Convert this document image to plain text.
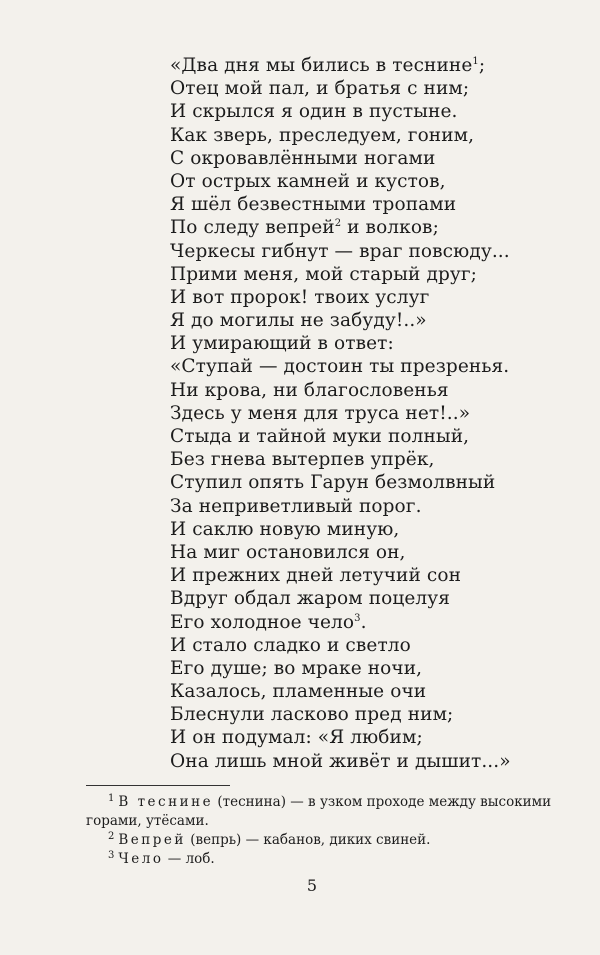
«Два дня мы бились в теснине$^1$;
Отец мой пал, и братья с ним;
И скрылся я один в пустыне.
Как зверь, преследуем, гоним,
С окровавлёнными ногами
От острых камней и кустов,
Я шёл безвестными тропами
По следу вепрей$^2$ и волков;
Черкесы гибнут — враг повсюду...
Прими меня, мой старый друг;
И вот пророк! твоих услуг
Я до могилы не забуду!..»
И умирающий в ответ:
«Ступай — достоин ты презренья.
Ни крова, ни благословенья
Здесь у меня для труса нет!..»
Стыда и тайной муки полный,
Без гнева вытерпев упрёк,
Ступил опять Гарун безмолвный
За неприветливый порог.
И саклю новую миную,
На миг остановился он,
И прежних дней летучий сон
Вдруг обдал жаром поцелуя
Его холодное чело$^3$.
И стало сладко и светло
Его душе; во мраке ночи,
Казалось, пламенные очи
Блеснули ласково пред ним;
И он подумал: «Я любим;
Она лишь мной живёт и дышит...»
$^1$ В теснине (теснина) — в узком проходе между высокими
горами, утёсами.
$^2$ Вепрей (вепрь) — кабанов, диких свиней.
$^3$ Чело — лоб.
5
